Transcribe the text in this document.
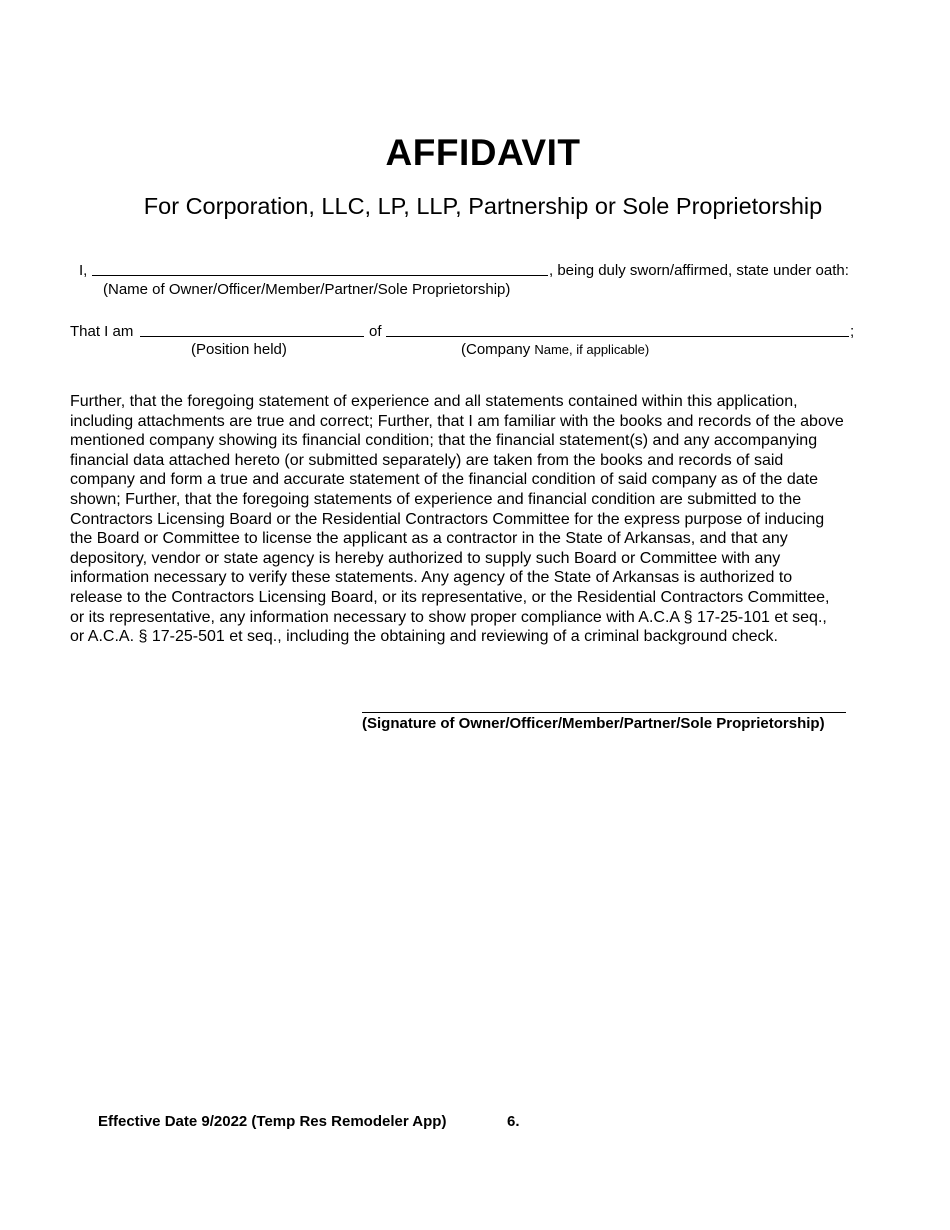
AFFIDAVIT
For Corporation, LLC, LP, LLP, Partnership or Sole Proprietorship
I,	, being duly sworn/affirmed, state under oath:
(Name of Owner/Officer/Member/Partner/Sole Proprietorship)
That I am	of	;
(Position held)	(Company Name, if applicable)
Further, that the foregoing statement of experience and all statements contained within this application,
including attachments are true and correct; Further, that I am familiar with the books and records of the above
mentioned company showing its financial condition; that the financial statement(s) and any accompanying
financial data attached hereto (or submitted separately) are taken from the books and records of said
company and form a true and accurate statement of the financial condition of said company as of the date
shown; Further, that the foregoing statements of experience and financial condition are submitted to the
Contractors Licensing Board or the Residential Contractors Committee for the express purpose of inducing
the Board or Committee to license the applicant as a contractor in the State of Arkansas, and that any
depository, vendor or state agency is hereby authorized to supply such Board or Committee with any
information necessary to verify these statements. Any agency of the State of Arkansas is authorized to
release to the Contractors Licensing Board, or its representative, or the Residential Contractors Committee,
or its representative, any information necessary to show proper compliance with A.C.A § 17-25-101 et seq.,
or A.C.A. § 17-25-501 et seq., including the obtaining and reviewing of a criminal background check.
(Signature of Owner/Officer/Member/Partner/Sole Proprietorship)
Effective Date 9/2022 (Temp Res Remodeler App)	6.
